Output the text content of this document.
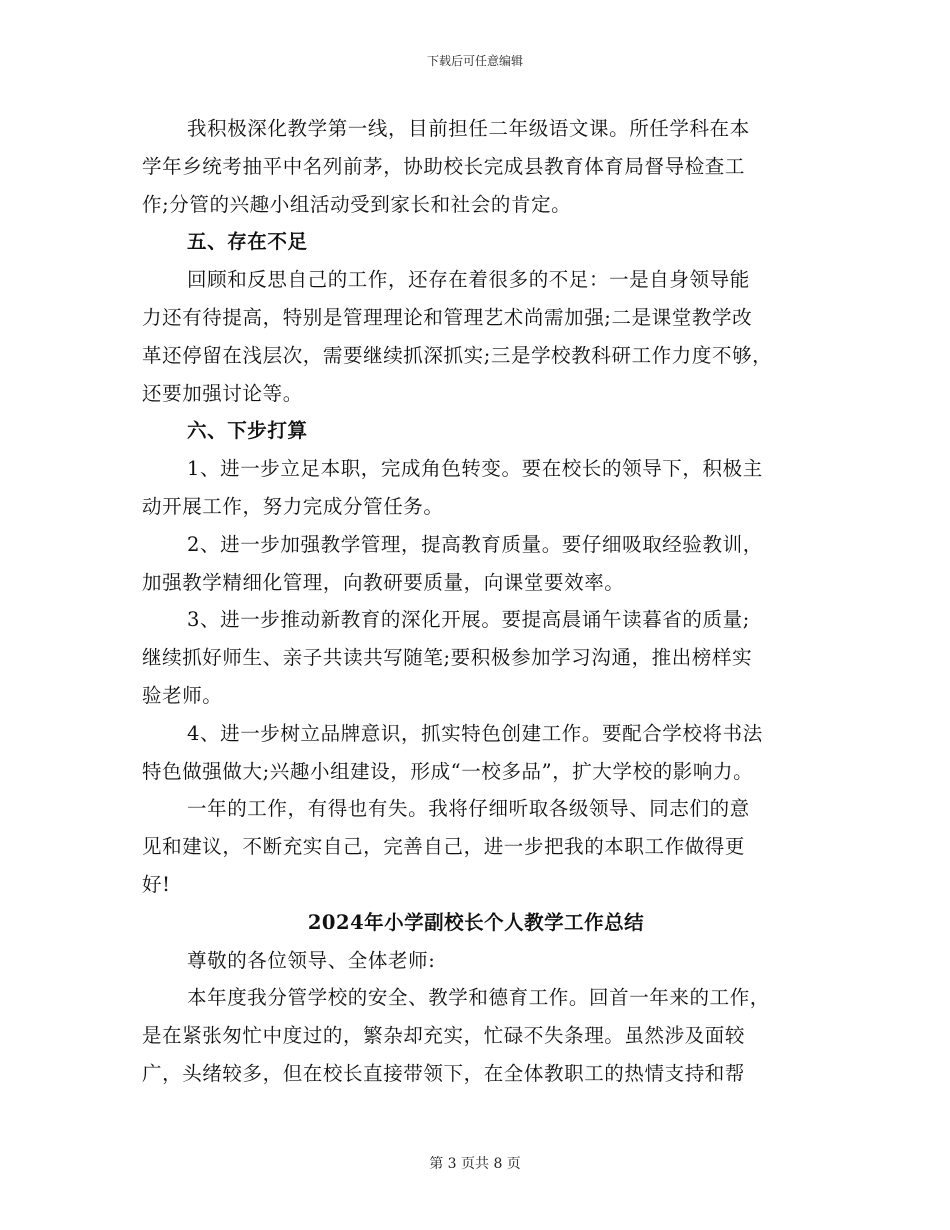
下载后可任意编辑
我积极深化教学第一线，目前担任二年级语文课。所任学科在本
学年乡统考抽平中名列前茅，协助校长完成县教育体育局督导检查工
作;分管的兴趣小组活动受到家长和社会的肯定。
五、存在不足
回顾和反思自己的工作，还存在着很多的不足：一是自身领导能
力还有待提高，特别是管理理论和管理艺术尚需加强;二是课堂教学改
革还停留在浅层次，需要继续抓深抓实;三是学校教科研工作力度不够，
还要加强讨论等。
六、下步打算
1、进一步立足本职，完成角色转变。要在校长的领导下，积极主
动开展工作，努力完成分管任务。
2、进一步加强教学管理，提高教育质量。要仔细吸取经验教训，
加强教学精细化管理，向教研要质量，向课堂要效率。
3、进一步推动新教育的深化开展。要提高晨诵午读暮省的质量;
继续抓好师生、亲子共读共写随笔;要积极参加学习沟通，推出榜样实
验老师。
4、进一步树立品牌意识，抓实特色创建工作。要配合学校将书法
特色做强做大;兴趣小组建设，形成“一校多品”，扩大学校的影响力。
一年的工作，有得也有失。我将仔细听取各级领导、同志们的意
见和建议，不断充实自己，完善自己，进一步把我的本职工作做得更
好!
2024年小学副校长个人教学工作总结
尊敬的各位领导、全体老师:
本年度我分管学校的安全、教学和德育工作。回首一年来的工作，
是在紧张匆忙中度过的，繁杂却充实，忙碌不失条理。虽然涉及面较
广，头绪较多，但在校长直接带领下，在全体教职工的热情支持和帮
第 3 页共 8 页
